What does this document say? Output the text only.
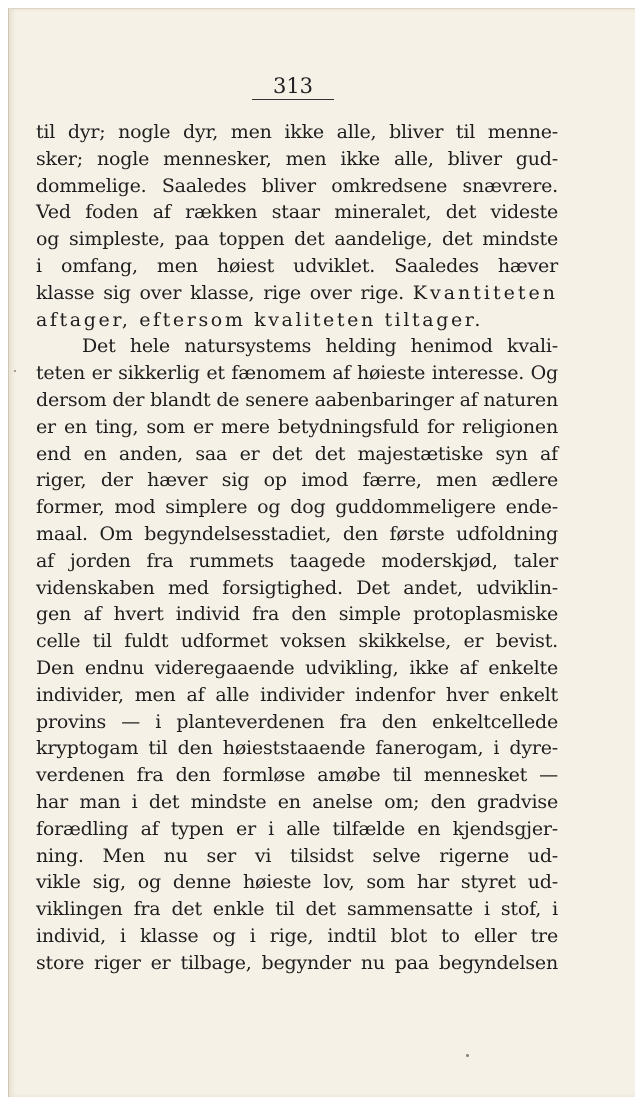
313
til dyr; nogle dyr, men ikke alle, bliver til menne-
sker; nogle mennesker, men ikke alle, bliver gud-
dommelige. Saaledes bliver omkredsene snævrere.
Ved foden af rækken staar mineralet, det videste
og simpleste, paa toppen det aandelige, det mindste
i omfang, men høiest udviklet. Saaledes hæver
klasse sig over klasse, rige over rige. Kvantiteten
aftager, eftersom kvaliteten tiltager.
Det hele natursystems helding henimod kvali-
teten er sikkerlig et fænomem af høieste interesse. Og
dersom der blandt de senere aabenbaringer af naturen
er en ting, som er mere betydningsfuld for religionen
end en anden, saa er det det majestætiske syn af
riger, der hæver sig op imod færre, men ædlere
former, mod simplere og dog guddommeligere ende-
maal. Om begyndelsesstadiet, den første udfoldning
af jorden fra rummets taagede moderskjød, taler
videnskaben med forsigtighed. Det andet, udviklin-
gen af hvert individ fra den simple protoplasmiske
celle til fuldt udformet voksen skikkelse, er bevist.
Den endnu videregaaende udvikling, ikke af enkelte
individer, men af alle individer indenfor hver enkelt
provins — i planteverdenen fra den enkeltcellede
kryptogam til den høieststaaende fanerogam, i dyre-
verdenen fra den formløse amøbe til mennesket —
har man i det mindste en anelse om; den gradvise
forædling af typen er i alle tilfælde en kjendsgjer-
ning. Men nu ser vi tilsidst selve rigerne ud-
vikle sig, og denne høieste lov, som har styret ud-
viklingen fra det enkle til det sammensatte i stof, i
individ, i klasse og i rige, indtil blot to eller tre
store riger er tilbage, begynder nu paa begyndelsen
